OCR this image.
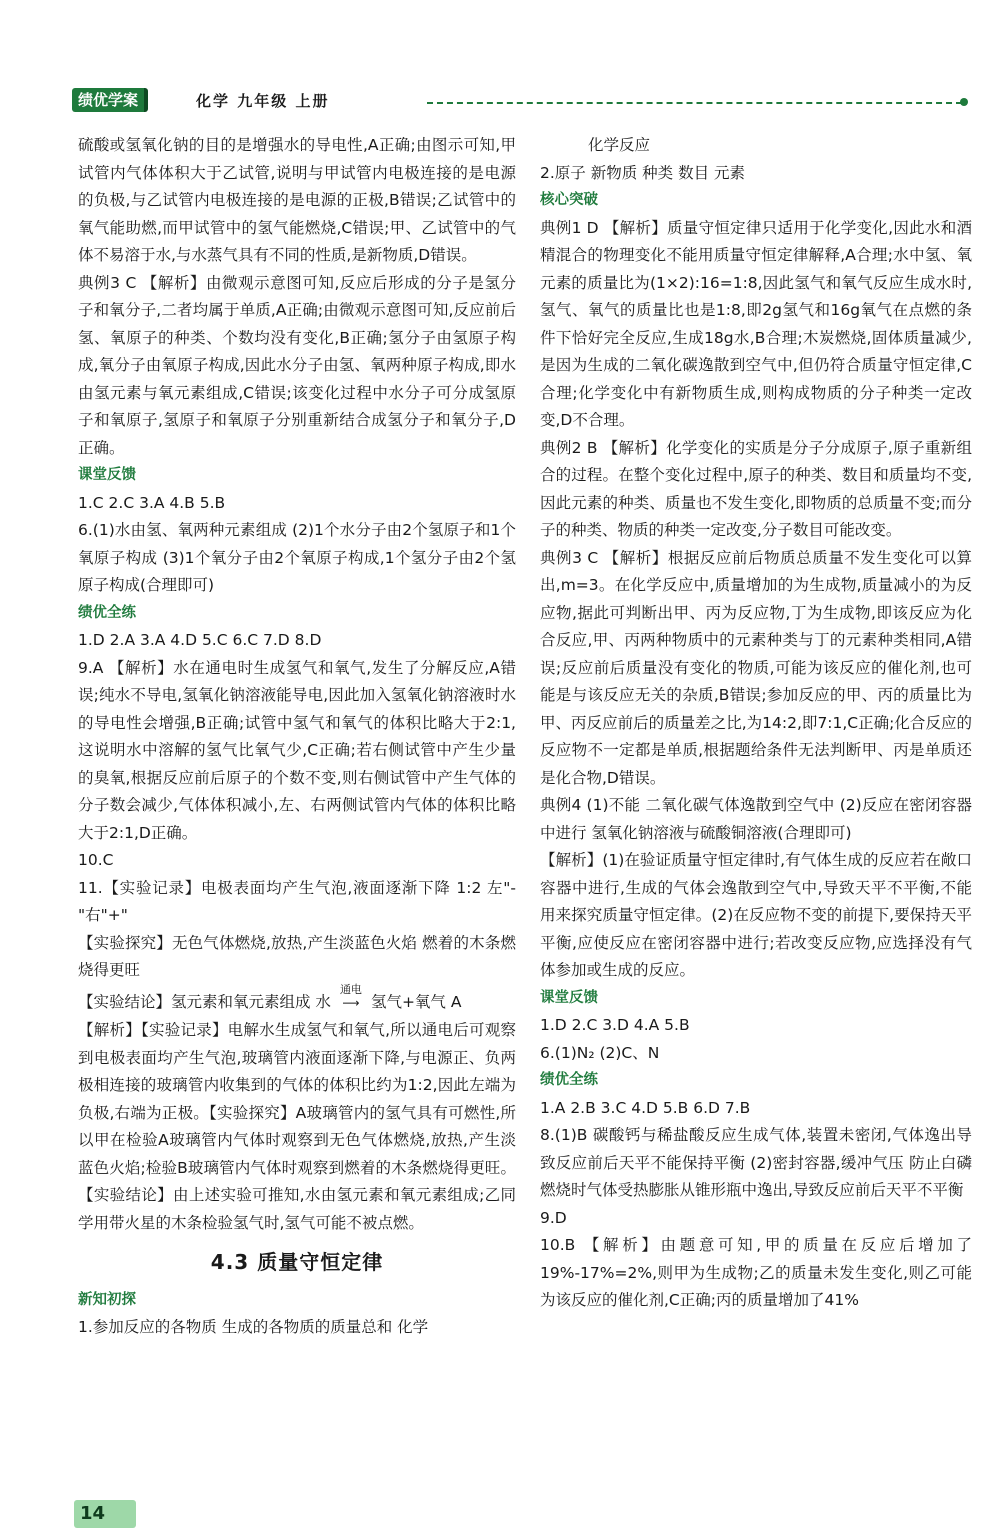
绩优学案	化学 九年级 上册

硫酸或氢氧化钠的目的是增强水的导电性,A正确;由图示可知,甲试管内气体体积大于乙试管,说明与甲试管内电极连接的是电源的负极,与乙试管内电极连接的是电源的正极,B错误;乙试管中的氧气能助燃,而甲试管中的氢气能燃烧,C错误;甲、乙试管中的气体不易溶于水,与水蒸气具有不同的性质,是新物质,D错误。

典例3 C 【解析】由微观示意图可知,反应后形成的分子是氢分子和氧分子,二者均属于单质,A正确;由微观示意图可知,反应前后氢、氧原子的种类、个数均没有变化,B正确;氢分子由氢原子构成,氧分子由氧原子构成,因此水分子由氢、氧两种原子构成,即水由氢元素与氧元素组成,C错误;该变化过程中水分子可分成氢原子和氧原子,氢原子和氧原子分别重新结合成氢分子和氧分子,D正确。

课堂反馈

1.C 2.C 3.A 4.B 5.B

6.(1)水由氢、氧两种元素组成 (2)1个水分子由2个氢原子和1个氧原子构成 (3)1个氧分子由2个氧原子构成,1个氢分子由2个氢原子构成(合理即可)

绩优全练

1.D 2.A 3.A 4.D 5.C 6.C 7.D 8.D

9.A 【解析】水在通电时生成氢气和氧气,发生了分解反应,A错误;纯水不导电,氢氧化钠溶液能导电,因此加入氢氧化钠溶液时水的导电性会增强,B正确;试管中氢气和氧气的体积比略大于2:1,这说明水中溶解的氢气比氧气少,C正确;若右侧试管中产生少量的臭氧,根据反应前后原子的个数不变,则右侧试管中产生气体的分子数会减少,气体体积减小,左、右两侧试管内气体的体积比略大于2:1,D正确。

10.C

11.【实验记录】电极表面均产生气泡,液面逐渐下降 1:2 左"-"右"+"

【实验探究】无色气体燃烧,放热,产生淡蓝色火焰 燃着的木条燃烧得更旺

【实验结论】氢元素和氧元素组成 水
通电
⟶ 氢气+氧气 A

【解析】【实验记录】电解水生成氢气和氧气,所以通电后可观察到电极表面均产生气泡,玻璃管内液面逐渐下降,与电源正、负两极相连接的玻璃管内收集到的气体的体积比约为1:2,因此左端为负极,右端为正极。【实验探究】A玻璃管内的氢气具有可燃性,所以甲在检验A玻璃管内气体时观察到无色气体燃烧,放热,产生淡蓝色火焰;检验B玻璃管内气体时观察到燃着的木条燃烧得更旺。【实验结论】由上述实验可推知,水由氢元素和氧元素组成;乙同学用带火星的木条检验氢气时,氢气可能不被点燃。

4.3 质量守恒定律

新知初探

1.参加反应的各物质 生成的各物质的质量总和 化学

化学反应

2.原子 新物质 种类 数目 元素

核心突破

典例1 D 【解析】质量守恒定律只适用于化学变化,因此水和酒精混合的物理变化不能用质量守恒定律解释,A合理;水中氢、氧元素的质量比为(1×2):16=1:8,因此氢气和氧气反应生成水时,氢气、氧气的质量比也是1:8,即2g氢气和16g氧气在点燃的条件下恰好完全反应,生成18g水,B合理;木炭燃烧,固体质量减少,是因为生成的二氧化碳逸散到空气中,但仍符合质量守恒定律,C合理;化学变化中有新物质生成,则构成物质的分子种类一定改变,D不合理。

典例2 B 【解析】化学变化的实质是分子分成原子,原子重新组合的过程。在整个变化过程中,原子的种类、数目和质量均不变,因此元素的种类、质量也不发生变化,即物质的总质量不变;而分子的种类、物质的种类一定改变,分子数目可能改变。

典例3 C 【解析】根据反应前后物质总质量不发生变化可以算出,m=3。在化学反应中,质量增加的为生成物,质量减小的为反应物,据此可判断出甲、丙为反应物,丁为生成物,即该反应为化合反应,甲、丙两种物质中的元素种类与丁的元素种类相同,A错误;反应前后质量没有变化的物质,可能为该反应的催化剂,也可能是与该反应无关的杂质,B错误;参加反应的甲、丙的质量比为甲、丙反应前后的质量差之比,为14:2,即7:1,C正确;化合反应的反应物不一定都是单质,根据题给条件无法判断甲、丙是单质还是化合物,D错误。

典例4 (1)不能 二氧化碳气体逸散到空气中 (2)反应在密闭容器中进行 氢氧化钠溶液与硫酸铜溶液(合理即可)

【解析】(1)在验证质量守恒定律时,有气体生成的反应若在敞口容器中进行,生成的气体会逸散到空气中,导致天平不平衡,不能用来探究质量守恒定律。(2)在反应物不变的前提下,要保持天平平衡,应使反应在密闭容器中进行;若改变反应物,应选择没有气体参加或生成的反应。

课堂反馈

1.D 2.C 3.D 4.A 5.B

6.(1)N₂ (2)C、N

绩优全练

1.A 2.B 3.C 4.D 5.B 6.D 7.B

8.(1)B 碳酸钙与稀盐酸反应生成气体,装置未密闭,气体逸出导致反应前后天平不能保持平衡 (2)密封容器,缓冲气压 防止白磷燃烧时气体受热膨胀从锥形瓶中逸出,导致反应前后天平不平衡

9.D

10.B 【解析】由题意可知,甲的质量在反应后增加了19%-17%=2%,则甲为生成物;乙的质量未发生变化,则乙可能为该反应的催化剂,C正确;丙的质量增加了41%

14
